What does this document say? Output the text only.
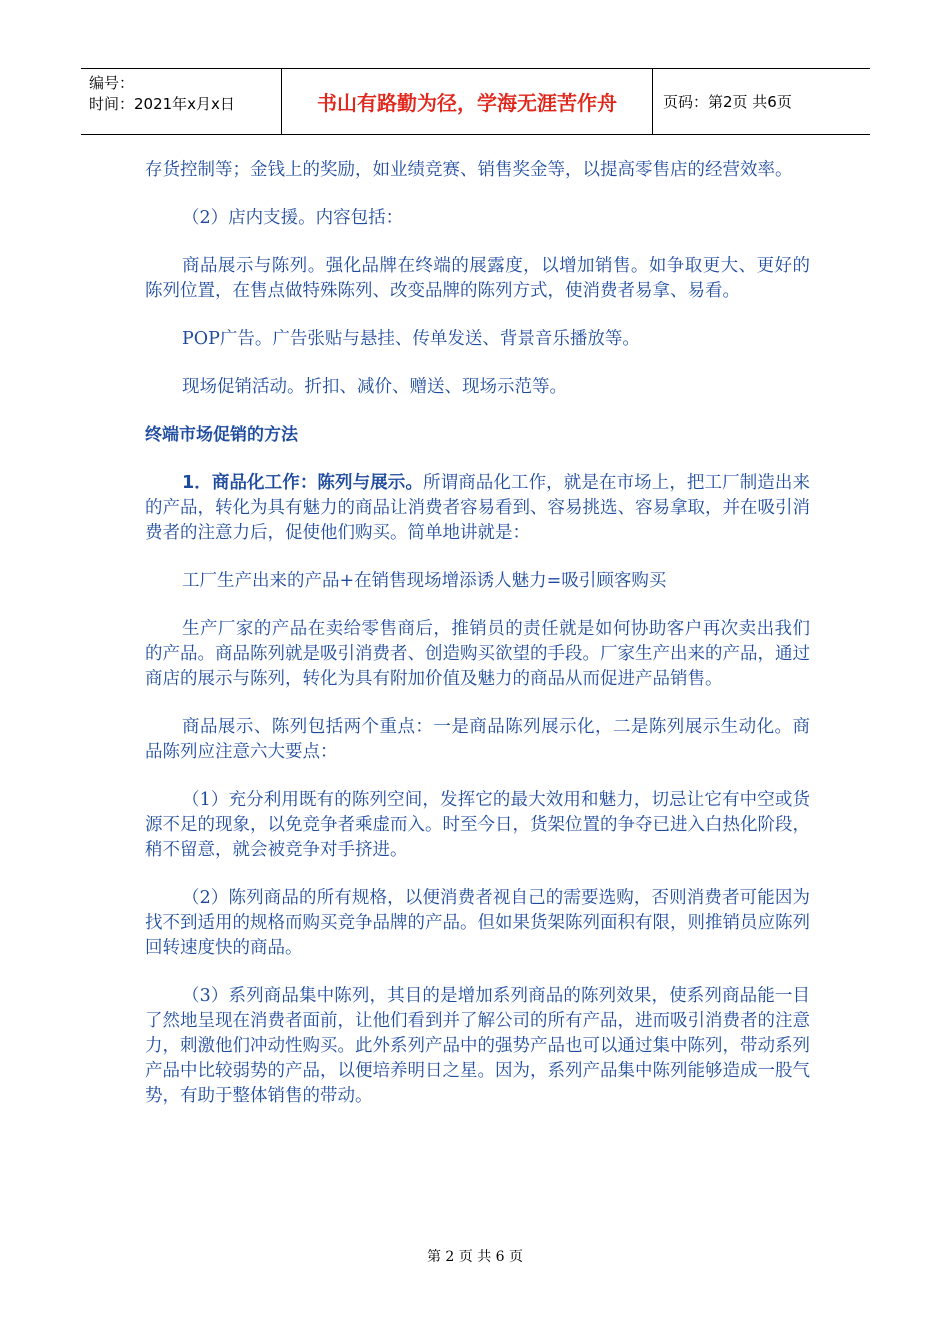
编号：
时间：2021年x月x日	书山有路勤为径，学海无涯苦作舟	页码：第2页 共6页

存货控制等；金钱上的奖励，如业绩竞赛、销售奖金等，以提高零售店的经营效率。

（2）店内支援。内容包括：

商品展示与陈列。强化品牌在终端的展露度，以增加销售。如争取更大、更好的陈列位置，在售点做特殊陈列、改变品牌的陈列方式，使消费者易拿、易看。

POP广告。广告张贴与悬挂、传单发送、背景音乐播放等。

现场促销活动。折扣、减价、赠送、现场示范等。

终端市场促销的方法

1．商品化工作：陈列与展示。所谓商品化工作，就是在市场上，把工厂制造出来的产品，转化为具有魅力的商品让消费者容易看到、容易挑选、容易拿取，并在吸引消费者的注意力后，促使他们购买。简单地讲就是：

工厂生产出来的产品+在销售现场增添诱人魅力=吸引顾客购买

生产厂家的产品在卖给零售商后，推销员的责任就是如何协助客户再次卖出我们的产品。商品陈列就是吸引消费者、创造购买欲望的手段。厂家生产出来的产品，通过商店的展示与陈列，转化为具有附加价值及魅力的商品从而促进产品销售。

商品展示、陈列包括两个重点：一是商品陈列展示化，二是陈列展示生动化。商品陈列应注意六大要点：

（1）充分利用既有的陈列空间，发挥它的最大效用和魅力，切忌让它有中空或货源不足的现象，以免竞争者乘虚而入。时至今日，货架位置的争夺已进入白热化阶段，稍不留意，就会被竞争对手挤进。

（2）陈列商品的所有规格，以便消费者视自己的需要选购，否则消费者可能因为找不到适用的规格而购买竞争品牌的产品。但如果货架陈列面积有限，则推销员应陈列回转速度快的商品。

（3）系列商品集中陈列，其目的是增加系列商品的陈列效果，使系列商品能一目了然地呈现在消费者面前，让他们看到并了解公司的所有产品，进而吸引消费者的注意力，刺激他们冲动性购买。此外系列产品中的强势产品也可以通过集中陈列，带动系列产品中比较弱势的产品，以便培养明日之星。因为，系列产品集中陈列能够造成一股气势，有助于整体销售的带动。

第 2 页 共 6 页
